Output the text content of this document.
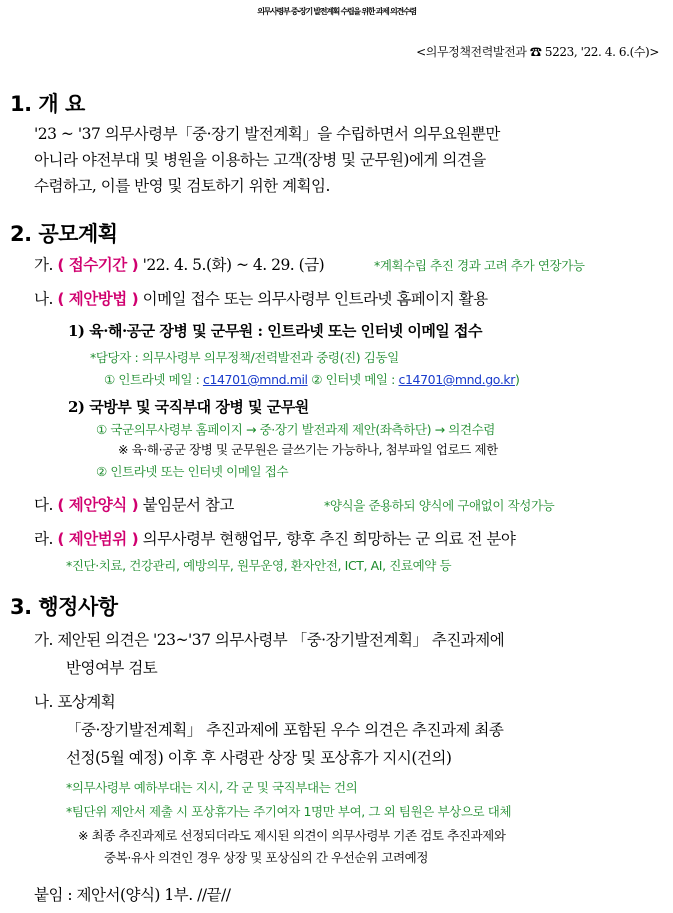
의무사령부 중·장기 발전계획 수립을 위한 과제 의견수렴
<의무정책전력발전과 ☎ 5223, '22. 4. 6.(수)>
1. 개 요
'23 ~ '37 의무사령부「중·장기 발전계획」을 수립하면서 의무요원뿐만
아니라 야전부대 및 병원을 이용하는 고객(장병 및 군무원)에게 의견을
수렴하고, 이를 반영 및 검토하기 위한 계획임.
2. 공모계획
가. ( 접수기간 ) '22. 4. 5.(화) ~ 4. 29. (금)	*계획수립 추진 경과 고려 추가 연장가능
나. ( 제안방법 ) 이메일 접수 또는 의무사령부 인트라넷 홈페이지 활용
1) 육·해·공군 장병 및 군무원 : 인트라넷 또는 인터넷 이메일 접수
*담당자 : 의무사령부 의무정책/전력발전과 중령(진) 김동일
① 인트라넷 메일 : c14701@mnd.mil ② 인터넷 메일 : c14701@mnd.go.kr)
2) 국방부 및 국직부대 장병 및 군무원
① 국군의무사령부 홈페이지 → 중·장기 발전과제 제안(좌측하단) → 의견수렴
※ 육·해·공군 장병 및 군무원은 글쓰기는 가능하나, 첨부파일 업로드 제한
② 인트라넷 또는 인터넷 이메일 접수
다. ( 제안양식 ) 붙임문서 참고	*양식을 준용하되 양식에 구애없이 작성가능
라. ( 제안범위 ) 의무사령부 현행업무, 향후 추진 희망하는 군 의료 전 분야
*진단·치료, 건강관리, 예방의무, 원무운영, 환자안전, ICT, AI, 진료예약 등
3. 행정사항
가. 제안된 의견은 '23~'37 의무사령부 「중·장기발전계획」 추진과제에
반영여부 검토
나. 포상계획
「중·장기발전계획」 추진과제에 포함된 우수 의견은 추진과제 최종
선정(5월 예정) 이후 후 사령관 상장 및 포상휴가 지시(건의)
*의무사령부 예하부대는 지시, 각 군 및 국직부대는 건의
*팀단위 제안서 제출 시 포상휴가는 주기여자 1명만 부여, 그 외 팀원은 부상으로 대체
※ 최종 추진과제로 선정되더라도 제시된 의견이 의무사령부 기존 검토 추진과제와
중복·유사 의견인 경우 상장 및 포상심의 간 우선순위 고려예정
붙임 : 제안서(양식) 1부. //끝//
